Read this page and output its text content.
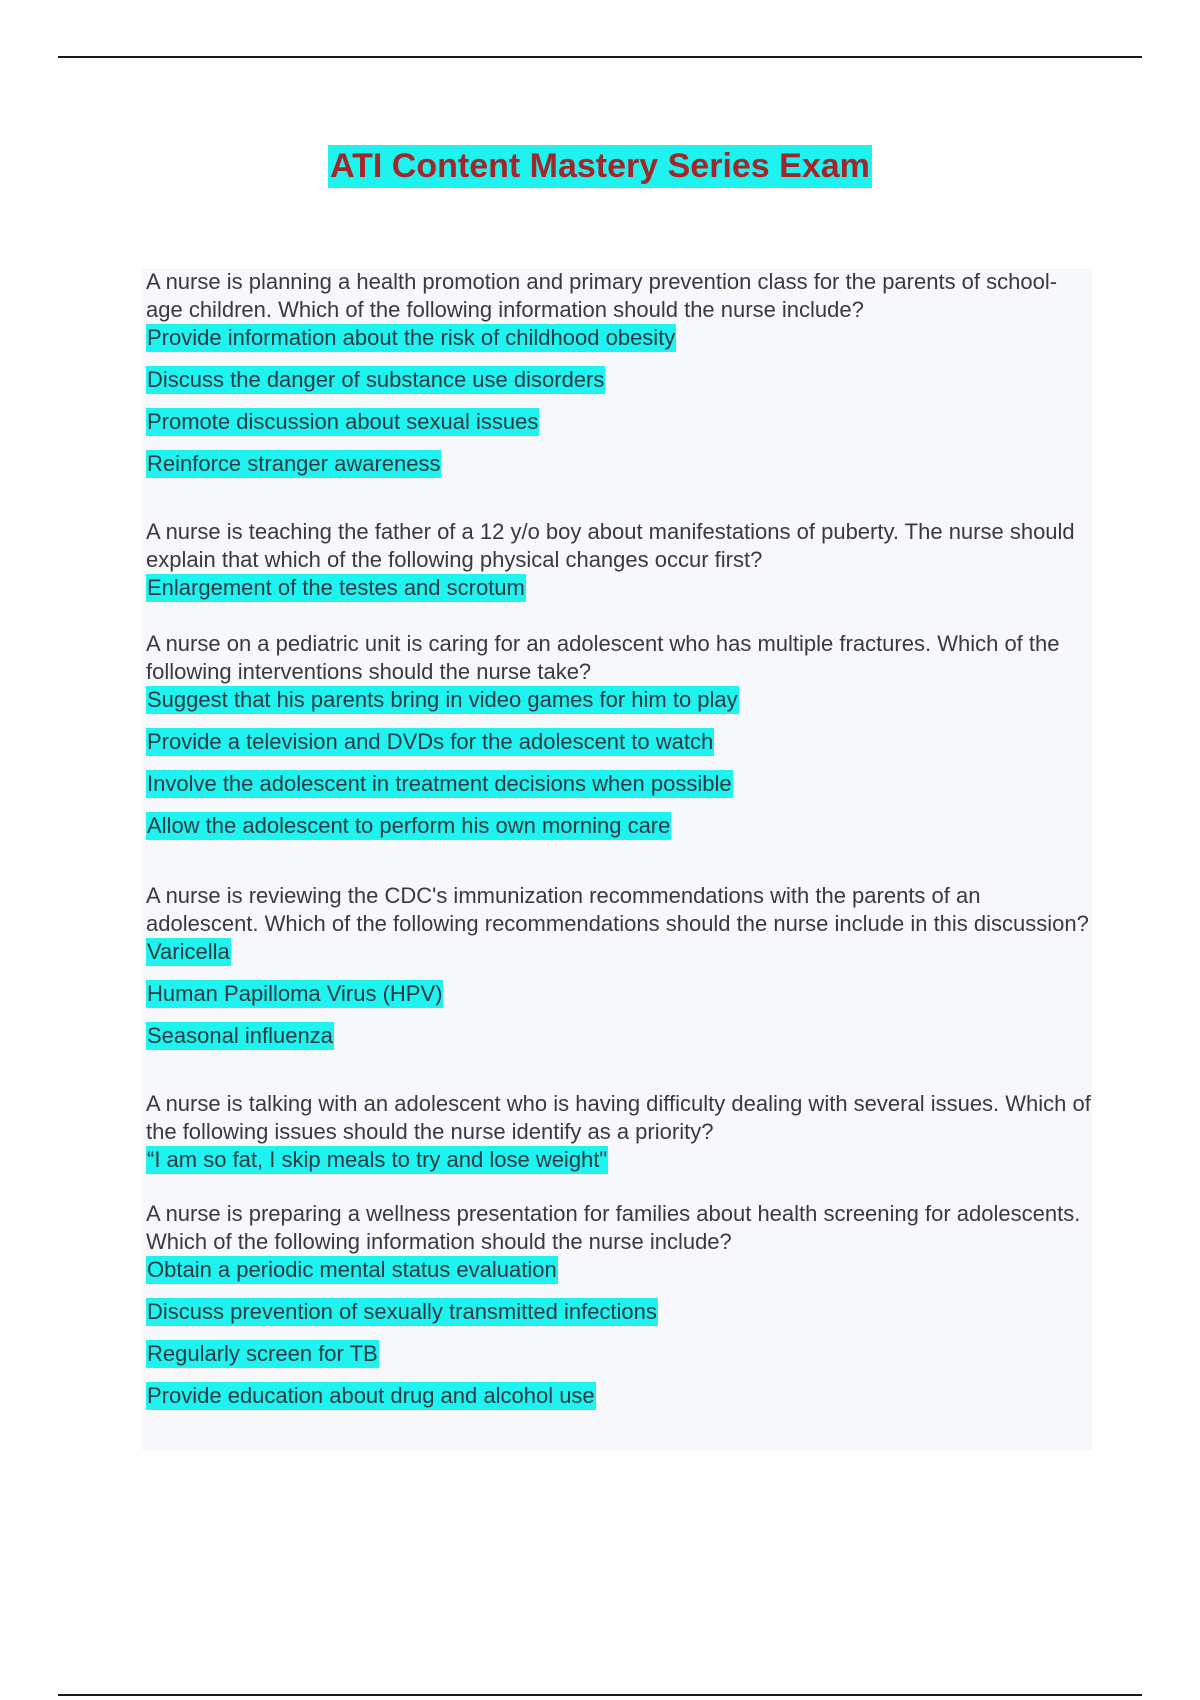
ATI Content Mastery Series Exam

A nurse is planning a health promotion and primary prevention class for the parents of school-age children. Which of the following information should the nurse include?

Provide information about the risk of childhood obesity
Discuss the danger of substance use disorders
Promote discussion about sexual issues
Reinforce stranger awareness

A nurse is teaching the father of a 12 y/o boy about manifestations of puberty. The nurse should explain that which of the following physical changes occur first?

Enlargement of the testes and scrotum

A nurse on a pediatric unit is caring for an adolescent who has multiple fractures. Which of the following interventions should the nurse take?

Suggest that his parents bring in video games for him to play
Provide a television and DVDs for the adolescent to watch
Involve the adolescent in treatment decisions when possible
Allow the adolescent to perform his own morning care

A nurse is reviewing the CDC's immunization recommendations with the parents of an adolescent. Which of the following recommendations should the nurse include in this discussion?

Varicella
Human Papilloma Virus (HPV)
Seasonal influenza

A nurse is talking with an adolescent who is having difficulty dealing with several issues. Which of the following issues should the nurse identify as a priority?

“I am so fat, I skip meals to try and lose weight"

A nurse is preparing a wellness presentation for families about health screening for adolescents. Which of the following information should the nurse include?

Obtain a periodic mental status evaluation
Discuss prevention of sexually transmitted infections
Regularly screen for TB
Provide education about drug and alcohol use
